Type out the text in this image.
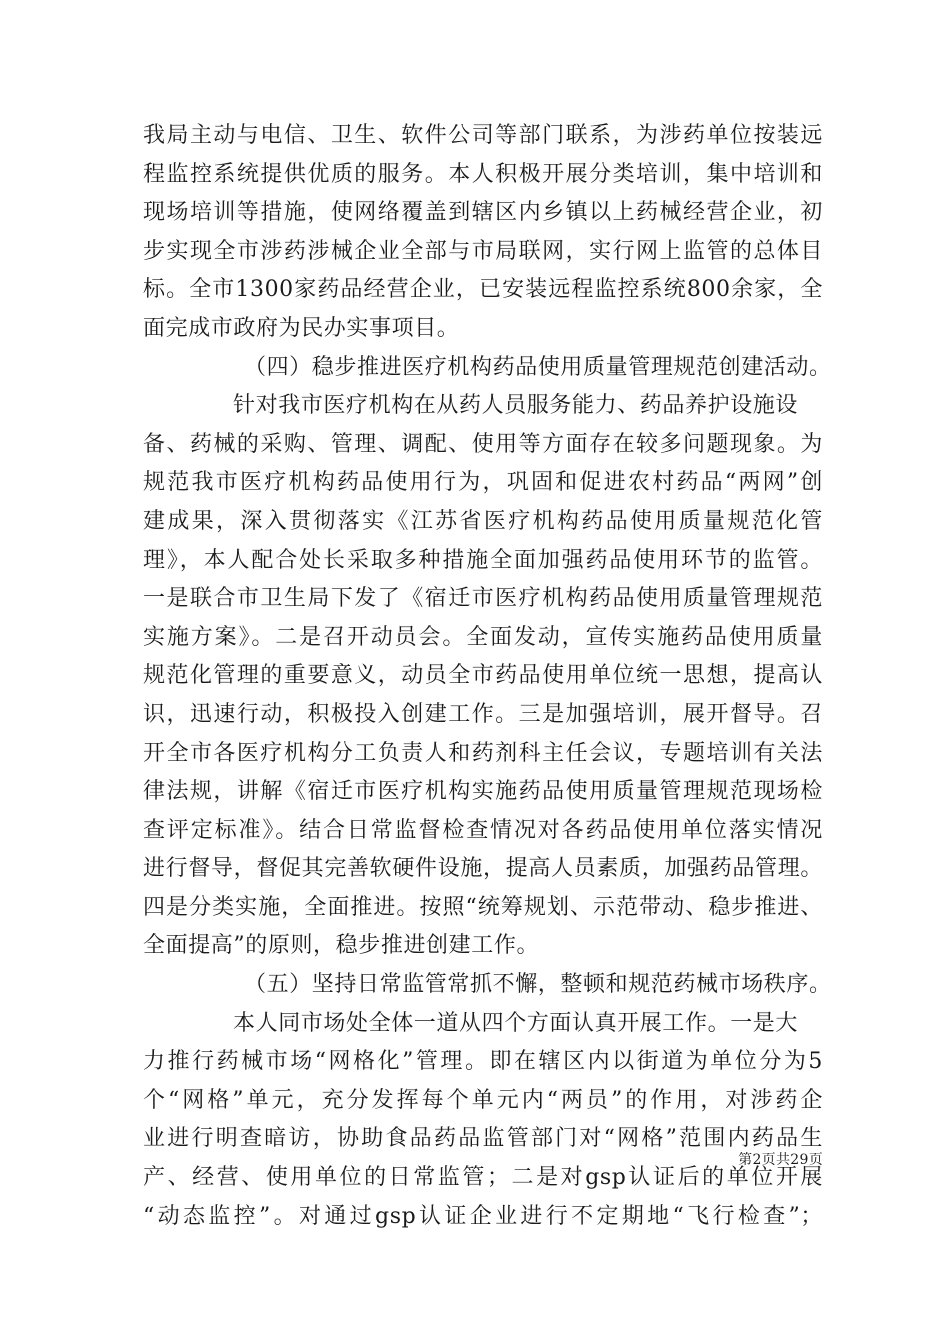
我局主动与电信、卫生、软件公司等部门联系，为涉药单位按装远
程监控系统提供优质的服务。本人积极开展分类培训，集中培训和
现场培训等措施，使网络覆盖到辖区内乡镇以上药械经营企业，初
步实现全市涉药涉械企业全部与市局联网，实行网上监管的总体目
标。全市1300家药品经营企业，已安装远程监控系统800余家，全
面完成市政府为民办实事项目。
（四）稳步推进医疗机构药品使用质量管理规范创建活动。
针对我市医疗机构在从药人员服务能力、药品养护设施设
备、药械的采购、管理、调配、使用等方面存在较多问题现象。为
规范我市医疗机构药品使用行为，巩固和促进农村药品“两网”创
建成果，深入贯彻落实《江苏省医疗机构药品使用质量规范化管
理》，本人配合处长采取多种措施全面加强药品使用环节的监管。
一是联合市卫生局下发了《宿迁市医疗机构药品使用质量管理规范
实施方案》。二是召开动员会。全面发动，宣传实施药品使用质量
规范化管理的重要意义，动员全市药品使用单位统一思想，提高认
识，迅速行动，积极投入创建工作。三是加强培训，展开督导。召
开全市各医疗机构分工负责人和药剂科主任会议，专题培训有关法
律法规，讲解《宿迁市医疗机构实施药品使用质量管理规范现场检
查评定标准》。结合日常监督检查情况对各药品使用单位落实情况
进行督导，督促其完善软硬件设施，提高人员素质，加强药品管理。
四是分类实施，全面推进。按照“统筹规划、示范带动、稳步推进、
全面提高”的原则，稳步推进创建工作。
（五）坚持日常监管常抓不懈，整顿和规范药械市场秩序。
本人同市场处全体一道从四个方面认真开展工作。一是大
力推行药械市场“网格化”管理。即在辖区内以街道为单位分为5
个“网格”单元，充分发挥每个单元内“两员”的作用，对涉药企
业进行明查暗访，协助食品药品监管部门对“网格”范围内药品生
产、经营、使用单位的日常监管；二是对gsp认证后的单位开展
“动态监控”。对通过gsp认证企业进行不定期地“飞行检查”；
第2页共29页
